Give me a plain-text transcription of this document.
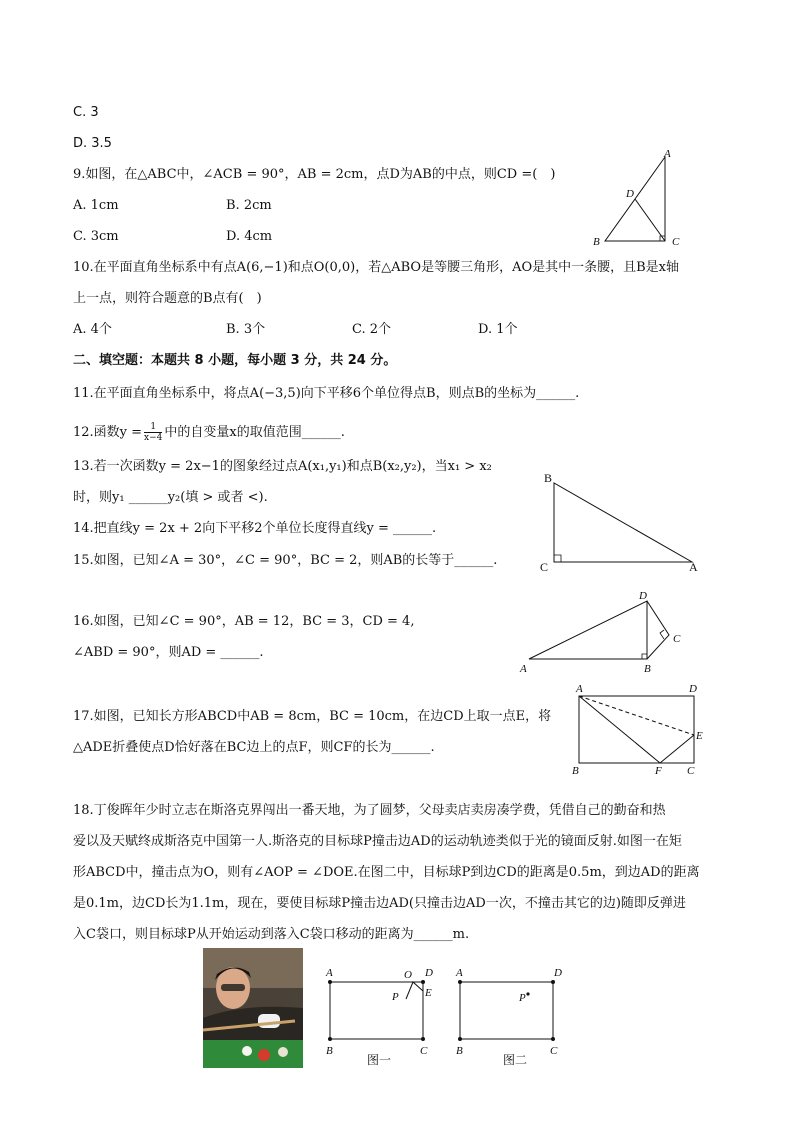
C. 3
D. 3.5
9.如图，在△ABC中，∠ACB = 90°，AB = 2cm，点D为AB的中点，则CD =(　)
A. 1cm	B. 2cm
C. 3cm	D. 4cm
A
D
B	C
10.在平面直角坐标系中有点A(6,−1)和点O(0,0)，若△ABO是等腰三角形，AO是其中一条腰，且B是x轴
上一点，则符合题意的B点有(　)
A. 4个	B. 3个	C. 2个	D. 1个
二、填空题：本题共 8 小题，每小题 3 分，共 24 分。
11.在平面直角坐标系中，将点A(−3,5)向下平移6个单位得点B，则点B的坐标为______.
12.函数$y = \frac{1}{x-4}$ 中的自变量x的取值范围______.
13.若一次函数y = 2x−1的图象经过点A(x₁,y₁)和点B(x₂,y₂)，当x₁ > x₂
时，则y₁ ______y₂(填 > 或者 <).
14.把直线y = 2x + 2向下平移2个单位长度得直线y = ______.
15.如图，已知∠A = 30°，∠C = 90°，BC = 2，则AB的长等于______.
B
C	A
16.如图，已知∠C = 90°，AB = 12，BC = 3，CD = 4,
∠ABD = 90°，则AD = ______.
A	B
C
D
17.如图，已知长方形ABCD中AB = 8cm，BC = 10cm，在边CD上取一点E，将
△ADE折叠使点D恰好落在BC边上的点F，则CF的长为______.
A	D
E
B	F C
18.丁俊晖年少时立志在斯洛克界闯出一番天地，为了圆梦，父母卖店卖房凑学费，凭借自己的勤奋和热
爱以及天赋终成斯洛克中国第一人.斯洛克的目标球P撞击边AD的运动轨迹类似于光的镜面反射.如图一在矩
形ABCD中，撞击点为O，则有∠AOP = ∠DOE.在图二中，目标球P到边CD的距离是0.5m，到边AD的距离
是0.1m，边CD长为1.1m，现在，要使目标球P撞击边AD(只撞击边AD一次，不撞击其它的边)随即反弹进
入C袋口，则目标球P从开始运动到落入C袋口移动的距离为______m.
A	O D
P E
B	C
图一
A	D
P
B	C
图二
